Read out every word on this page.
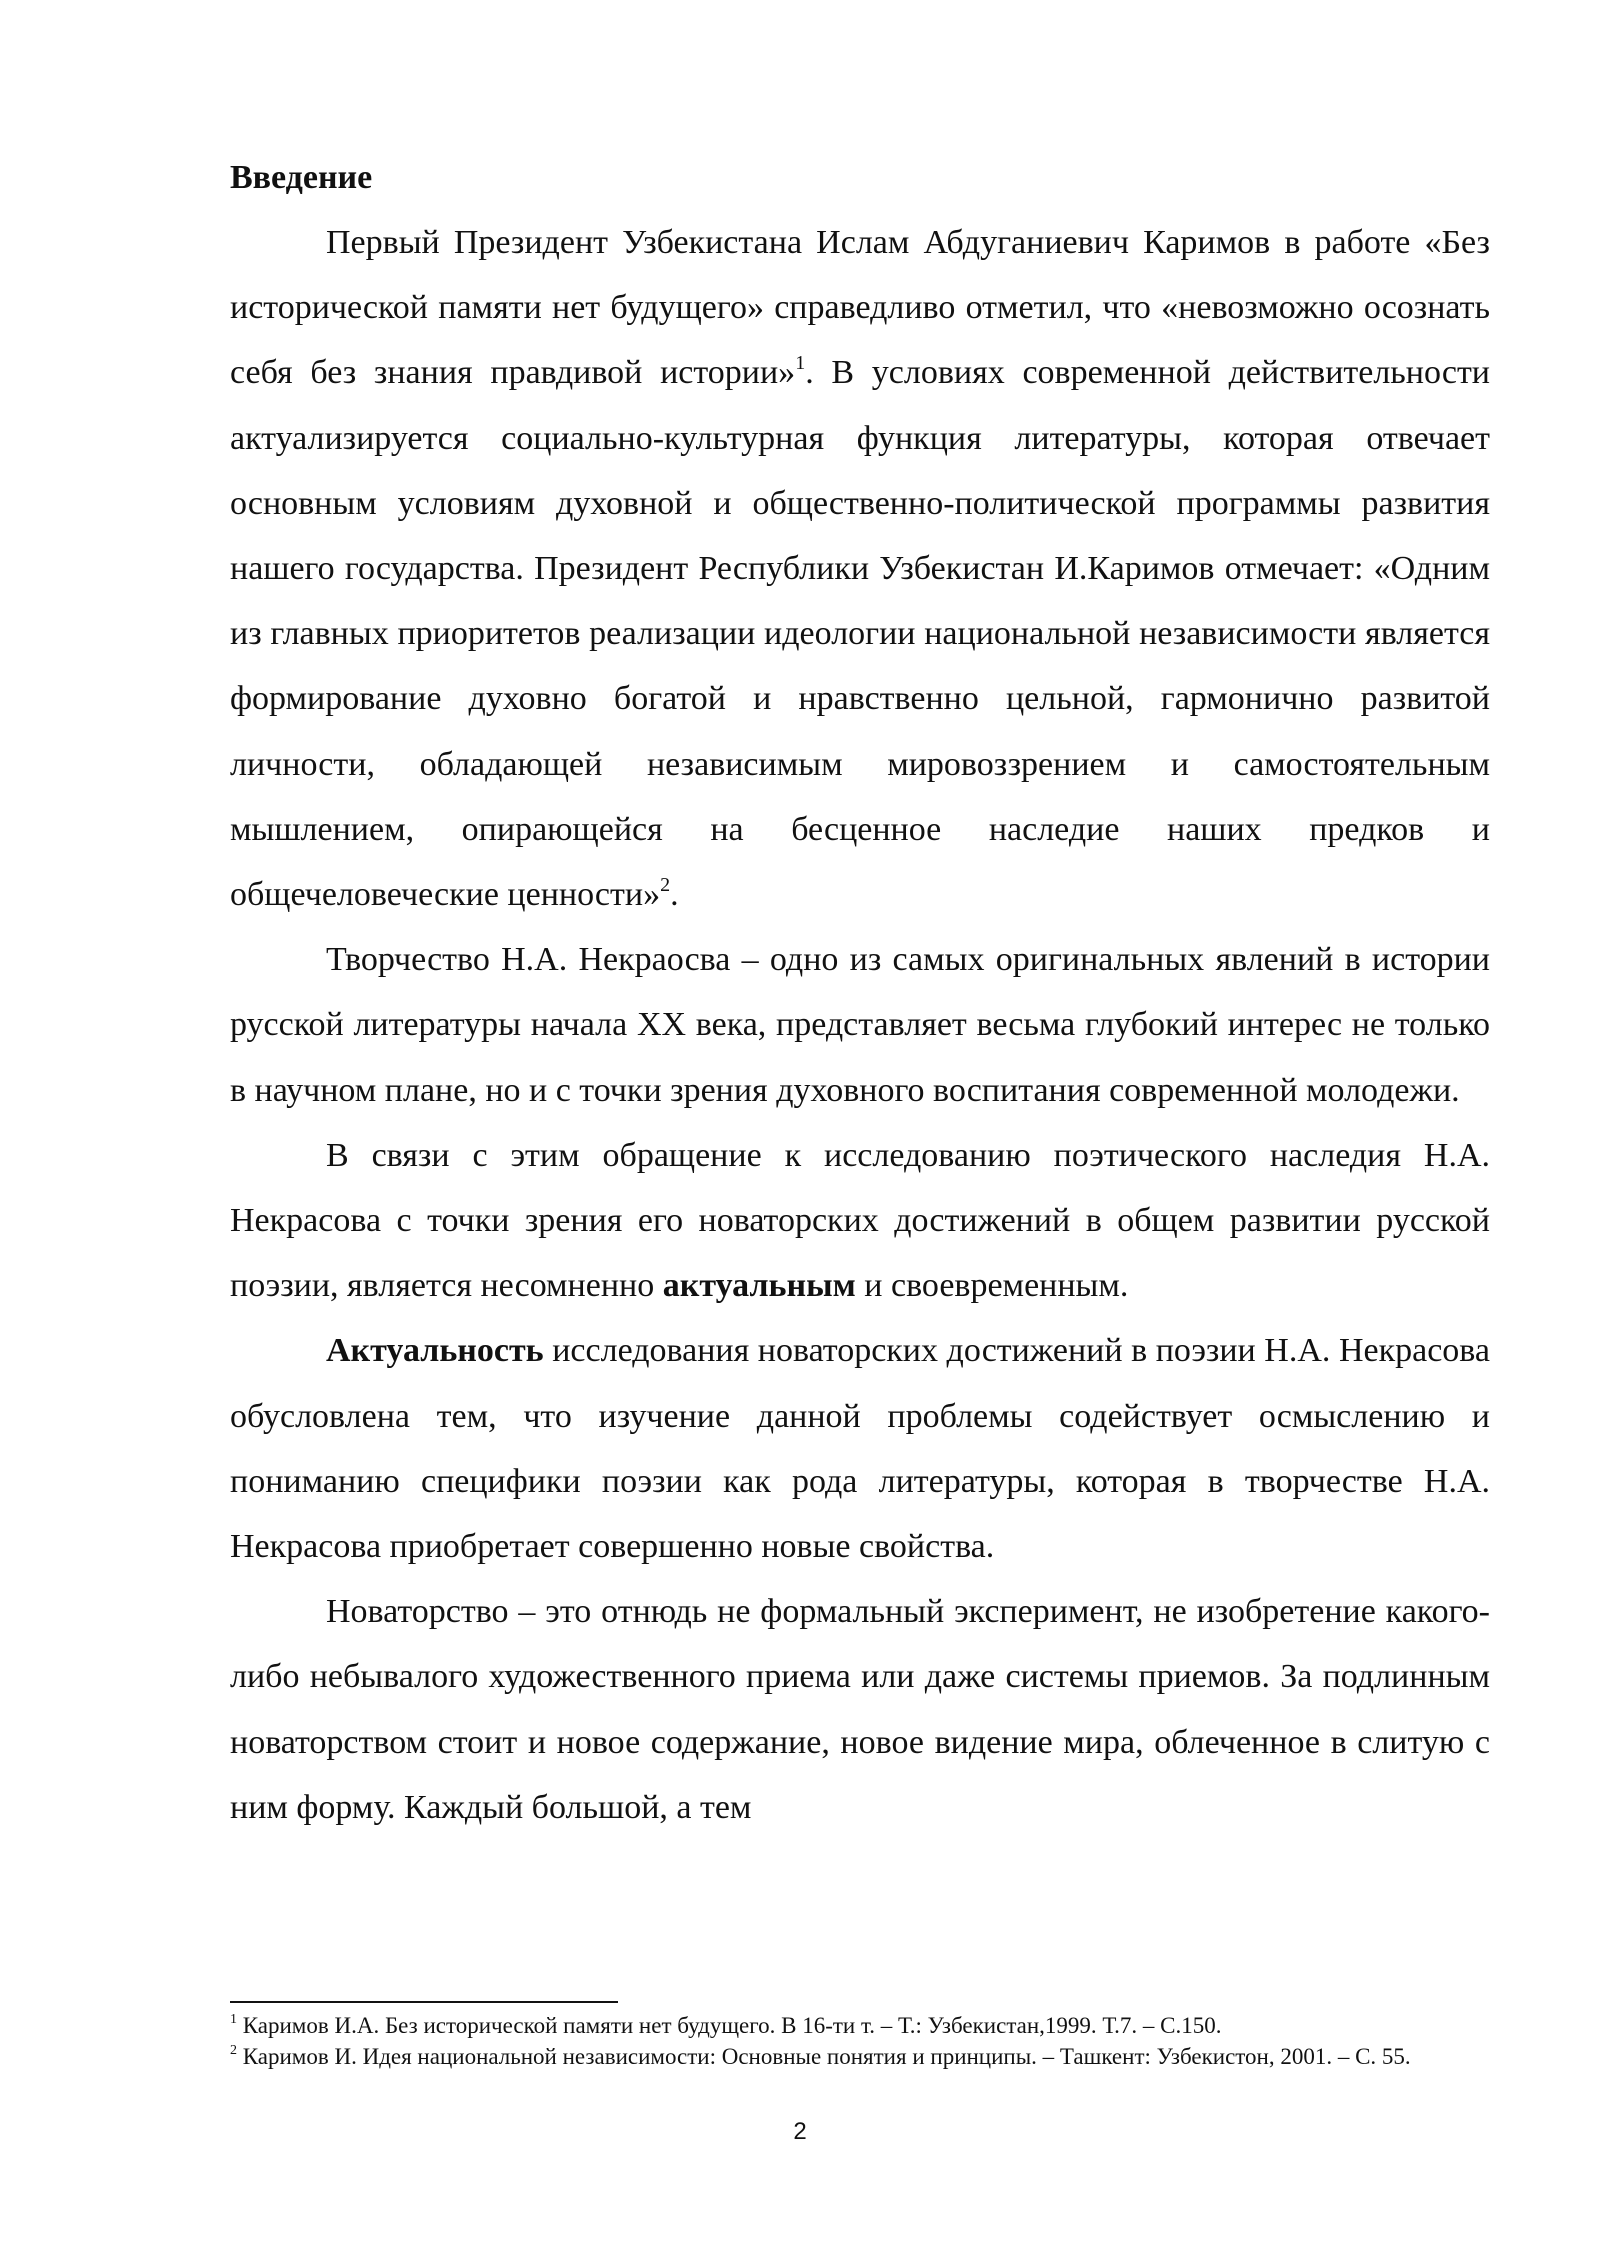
Введение

Первый Президент Узбекистана Ислам Абдуганиевич Каримов в работе «Без исторической памяти нет будущего» справедливо отметил, что «невозможно осознать себя без знания правдивой истории»$^1$. В условиях современной действительности актуализируется социально-культурная функция литературы, которая отвечает основным условиям духовной и общественно-политической программы развития нашего государства. Президент Республики Узбекистан И.Каримов отмечает: «Одним из главных приоритетов реализации идеологии национальной независимости является формирование духовно богатой и нравственно цельной, гармонично развитой личности, обладающей независимым мировоззрением и самостоятельным мышлением, опирающейся на бесценное наследие наших предков и общечеловеческие ценности»$^2$.

Творчество Н.А. Некраосва – одно из самых оригинальных явлений в истории русской литературы начала XX века, представляет весьма глубокий интерес не только в научном плане, но и с точки зрения духовного воспитания современной молодежи.

В связи с этим обращение к исследованию поэтического наследия Н.А. Некрасова с точки зрения его новаторских достижений в общем развитии русской поэзии, является несомненно актуальным и своевременным.

Актуальность исследования новаторских достижений в поэзии Н.А. Некрасова обусловлена тем, что изучение данной проблемы содействует осмыслению и пониманию специфики поэзии как рода литературы, которая в творчестве Н.А. Некрасова приобретает совершенно новые свойства.

Новаторство – это отнюдь не формальный эксперимент, не изобретение какого-либо небывалого художественного приема или даже системы приемов. За подлинным новаторством стоит и новое содержание, новое видение мира, облеченное в слитую с ним форму. Каждый большой, а тем

$^1$ Каримов И.А. Без исторической памяти нет будущего. В 16-ти т. – Т.: Узбекистан,1999. Т.7. – С.150.

$^2$ Каримов И. Идея национальной независимости: Основные понятия и принципы. – Ташкент: Узбекистон, 2001. – С. 55.

2
